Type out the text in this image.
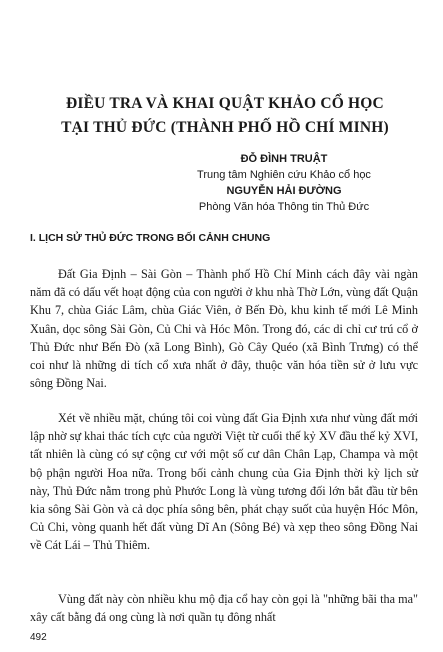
ĐIỀU TRA VÀ KHAI QUẬT KHẢO CỔ HỌC
TẠI THỦ ĐỨC (THÀNH PHỐ HỒ CHÍ MINH)
ĐỖ ĐÌNH TRUẬT
Trung tâm Nghiên cứu Khảo cổ học
NGUYỄN HẢI ĐƯỜNG
Phòng Văn hóa Thông tin Thủ Đức
I. LỊCH SỬ THỦ ĐỨC TRONG BỐI CẢNH CHUNG

Đất Gia Định – Sài Gòn – Thành phố Hồ Chí Minh cách đây vài ngàn năm đã có dấu vết hoạt động của con người ở khu nhà Thờ Lớn, vùng đất Quận Khu 7, chùa Giác Lâm, chùa Giác Viên, ở Bến Đò, khu kinh tế mới Lê Minh Xuân, dọc sông Sài Gòn, Củ Chi và Hóc Môn. Trong đó, các di chỉ cư trú cổ ở Thủ Đức như Bến Đò (xã Long Bình), Gò Cây Quéo (xã Bình Trưng) có thể coi như là những di tích cổ xưa nhất ở đây, thuộc văn hóa tiền sử ở lưu vực sông Đồng Nai.

Xét về nhiều mặt, chúng tôi coi vùng đất Gia Định xưa như vùng đất mới lập nhờ sự khai thác tích cực của người Việt từ cuối thế kỷ XV đầu thế kỷ XVI, tất nhiên là cùng có sự cộng cư với một số cư dân Chân Lạp, Champa và một bộ phận người Hoa nữa. Trong bối cảnh chung của Gia Định thời kỳ lịch sử này, Thủ Đức nằm trong phủ Phước Long là vùng tương đối lớn bắt đầu từ bên kia sông Sài Gòn và cả dọc phía sông bên, phát chạy suốt của huyện Hóc Môn, Củ Chi, vòng quanh hết đất vùng Dĩ An (Sông Bé) và xẹp theo sông Đồng Nai về Cát Lái – Thủ Thiêm.

Vùng đất này còn nhiều khu mộ địa cổ hay còn gọi là "những bãi tha ma" xây cất bằng đá ong cùng là nơi quần tụ đông nhất

492
